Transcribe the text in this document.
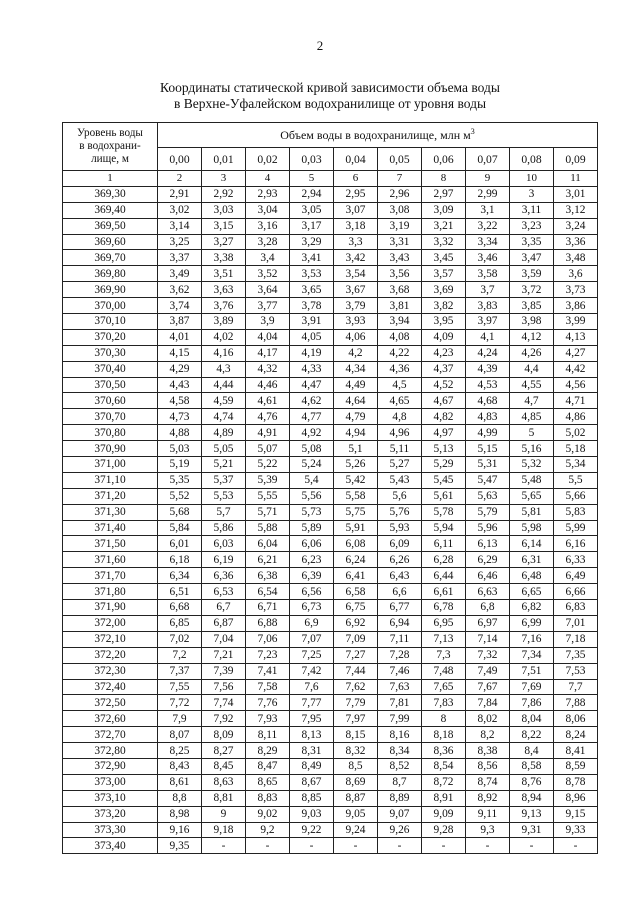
2
Координаты статической кривой зависимости объема воды
в Верхне-Уфалейском водохранилище от уровня воды
Уровень воды
в водохрани-
лище, м	Объем воды в водохранилище, млн $м^3$
	0,00	0,01	0,02	0,03	0,04	0,05	0,06	0,07	0,08	0,09
1	2	3	4	5	6	7	8	9	10	11
369,30	2,91	2,92	2,93	2,94	2,95	2,96	2,97	2,99	3	3,01
369,40	3,02	3,03	3,04	3,05	3,07	3,08	3,09	3,1	3,11	3,12
369,50	3,14	3,15	3,16	3,17	3,18	3,19	3,21	3,22	3,23	3,24
369,60	3,25	3,27	3,28	3,29	3,3	3,31	3,32	3,34	3,35	3,36
369,70	3,37	3,38	3,4	3,41	3,42	3,43	3,45	3,46	3,47	3,48
369,80	3,49	3,51	3,52	3,53	3,54	3,56	3,57	3,58	3,59	3,6
369,90	3,62	3,63	3,64	3,65	3,67	3,68	3,69	3,7	3,72	3,73
370,00	3,74	3,76	3,77	3,78	3,79	3,81	3,82	3,83	3,85	3,86
370,10	3,87	3,89	3,9	3,91	3,93	3,94	3,95	3,97	3,98	3,99
370,20	4,01	4,02	4,04	4,05	4,06	4,08	4,09	4,1	4,12	4,13
370,30	4,15	4,16	4,17	4,19	4,2	4,22	4,23	4,24	4,26	4,27
370,40	4,29	4,3	4,32	4,33	4,34	4,36	4,37	4,39	4,4	4,42
370,50	4,43	4,44	4,46	4,47	4,49	4,5	4,52	4,53	4,55	4,56
370,60	4,58	4,59	4,61	4,62	4,64	4,65	4,67	4,68	4,7	4,71
370,70	4,73	4,74	4,76	4,77	4,79	4,8	4,82	4,83	4,85	4,86
370,80	4,88	4,89	4,91	4,92	4,94	4,96	4,97	4,99	5	5,02
370,90	5,03	5,05	5,07	5,08	5,1	5,11	5,13	5,15	5,16	5,18
371,00	5,19	5,21	5,22	5,24	5,26	5,27	5,29	5,31	5,32	5,34
371,10	5,35	5,37	5,39	5,4	5,42	5,43	5,45	5,47	5,48	5,5
371,20	5,52	5,53	5,55	5,56	5,58	5,6	5,61	5,63	5,65	5,66
371,30	5,68	5,7	5,71	5,73	5,75	5,76	5,78	5,79	5,81	5,83
371,40	5,84	5,86	5,88	5,89	5,91	5,93	5,94	5,96	5,98	5,99
371,50	6,01	6,03	6,04	6,06	6,08	6,09	6,11	6,13	6,14	6,16
371,60	6,18	6,19	6,21	6,23	6,24	6,26	6,28	6,29	6,31	6,33
371,70	6,34	6,36	6,38	6,39	6,41	6,43	6,44	6,46	6,48	6,49
371,80	6,51	6,53	6,54	6,56	6,58	6,6	6,61	6,63	6,65	6,66
371,90	6,68	6,7	6,71	6,73	6,75	6,77	6,78	6,8	6,82	6,83
372,00	6,85	6,87	6,88	6,9	6,92	6,94	6,95	6,97	6,99	7,01
372,10	7,02	7,04	7,06	7,07	7,09	7,11	7,13	7,14	7,16	7,18
372,20	7,2	7,21	7,23	7,25	7,27	7,28	7,3	7,32	7,34	7,35
372,30	7,37	7,39	7,41	7,42	7,44	7,46	7,48	7,49	7,51	7,53
372,40	7,55	7,56	7,58	7,6	7,62	7,63	7,65	7,67	7,69	7,7
372,50	7,72	7,74	7,76	7,77	7,79	7,81	7,83	7,84	7,86	7,88
372,60	7,9	7,92	7,93	7,95	7,97	7,99	8	8,02	8,04	8,06
372,70	8,07	8,09	8,11	8,13	8,15	8,16	8,18	8,2	8,22	8,24
372,80	8,25	8,27	8,29	8,31	8,32	8,34	8,36	8,38	8,4	8,41
372,90	8,43	8,45	8,47	8,49	8,5	8,52	8,54	8,56	8,58	8,59
373,00	8,61	8,63	8,65	8,67	8,69	8,7	8,72	8,74	8,76	8,78
373,10	8,8	8,81	8,83	8,85	8,87	8,89	8,91	8,92	8,94	8,96
373,20	8,98	9	9,02	9,03	9,05	9,07	9,09	9,11	9,13	9,15
373,30	9,16	9,18	9,2	9,22	9,24	9,26	9,28	9,3	9,31	9,33
373,40	9,35	-	-	-	-	-	-	-	-	-
